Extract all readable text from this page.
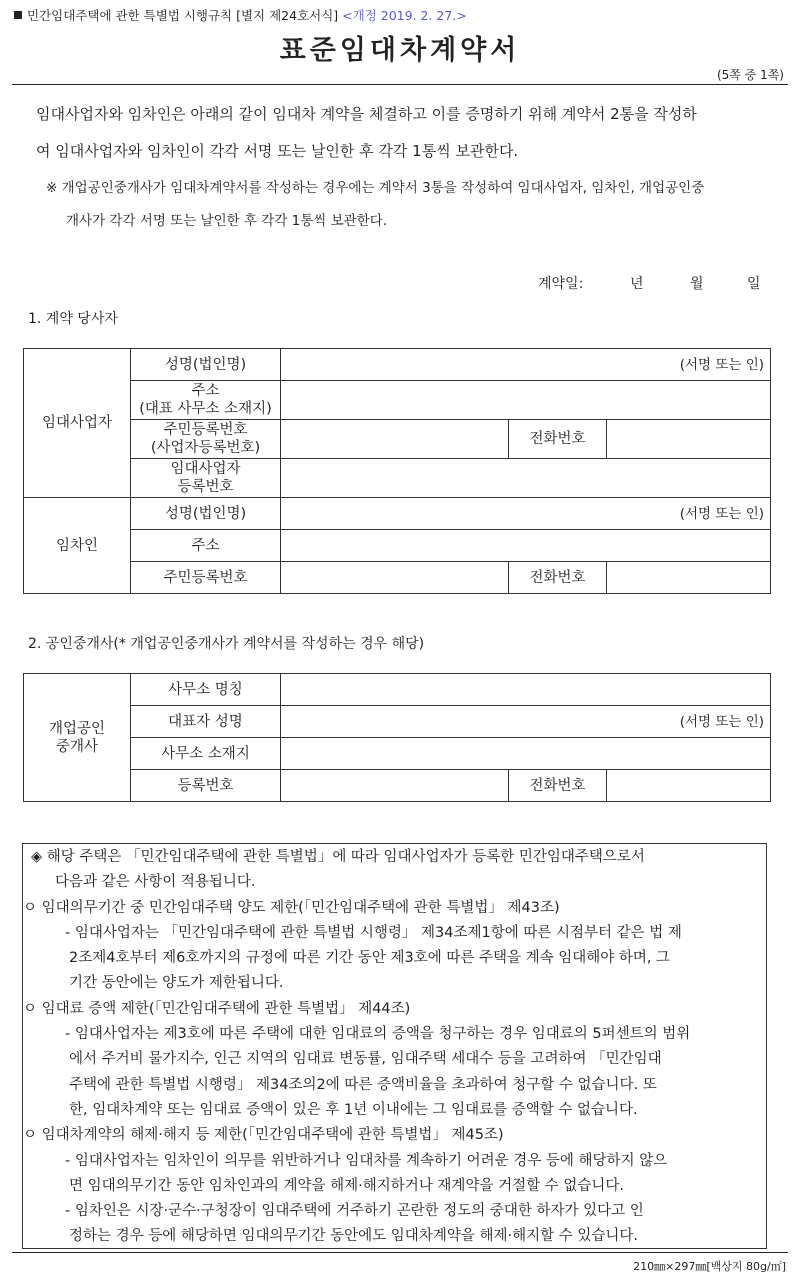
민간임대주택에 관한 특별법 시행규칙 [별지 제24호서식] <개정 2019. 2. 27.>
표준임대차계약서
(5쪽 중 1쪽)
임대사업자와 임차인은 아래의 같이 임대차 계약을 체결하고 이를 증명하기 위해 계약서 2통을 작성하
여 임대사업자와 임차인이 각각 서명 또는 날인한 후 각각 1통씩 보관한다.
※ 개업공인중개사가 임대차계약서를 작성하는 경우에는 계약서 3통을 작성하여 임대사업자, 임차인, 개업공인중
개사가 각각 서명 또는 날인한 후 각각 1통씩 보관한다.
계약일:	년	월	일
1. 계약 당사자
임대사업자	성명(법인명)	(서명 또는 인)		

	주소
(대표 사무소 소재지)			

	주민등록번호
(사업자등록번호)		전화번호	

	임대사업자
등록번호			

임차인	성명(법인명)	(서명 또는 인)		
	주소			
	주민등록번호		전화번호	
2. 공인중개사(* 개업공인중개사가 계약서를 작성하는 경우 해당)
개업공인
중개사	사무소 명칭			
	대표자 성명	(서명 또는 인)		
	사무소 소재지			
	등록번호		전화번호	

◈ 해당 주택은 「민간임대주택에 관한 특별법」에 따라 임대사업자가 등록한 민간임대주택으로서

다음과 같은 사항이 적용됩니다.

ㅇ 임대의무기간 중 민간임대주택 양도 제한(「민간임대주택에 관한 특별법」 제43조)

- 임대사업자는 「민간임대주택에 관한 특별법 시행령」 제34조제1항에 따른 시점부터 같은 법 제

2조제4호부터 제6호까지의 규정에 따른 기간 동안 제3호에 따른 주택을 계속 임대해야 하며, 그

기간 동안에는 양도가 제한됩니다.

ㅇ 임대료 증액 제한(「민간임대주택에 관한 특별법」 제44조)

- 임대사업자는 제3호에 따른 주택에 대한 임대료의 증액을 청구하는 경우 임대료의 5퍼센트의 범위

에서 주거비 물가지수, 인근 지역의 임대료 변동률, 임대주택 세대수 등을 고려하여 「민간임대

주택에 관한 특별법 시행령」 제34조의2에 따른 증액비율을 초과하여 청구할 수 없습니다. 또

한, 임대차계약 또는 임대료 증액이 있은 후 1년 이내에는 그 임대료를 증액할 수 없습니다.

ㅇ 임대차계약의 해제·해지 등 제한(「민간임대주택에 관한 특별법」 제45조)

- 임대사업자는 임차인이 의무를 위반하거나 임대차를 계속하기 어려운 경우 등에 해당하지 않으

면 임대의무기간 동안 임차인과의 계약을 해제·해지하거나 재계약을 거절할 수 없습니다.

- 임차인은 시장·군수·구청장이 임대주택에 거주하기 곤란한 정도의 중대한 하자가 있다고 인

정하는 경우 등에 해당하면 임대의무기간 동안에도 임대차계약을 해제·해지할 수 있습니다.

210㎜×297㎜[백상지 80g/㎡]
